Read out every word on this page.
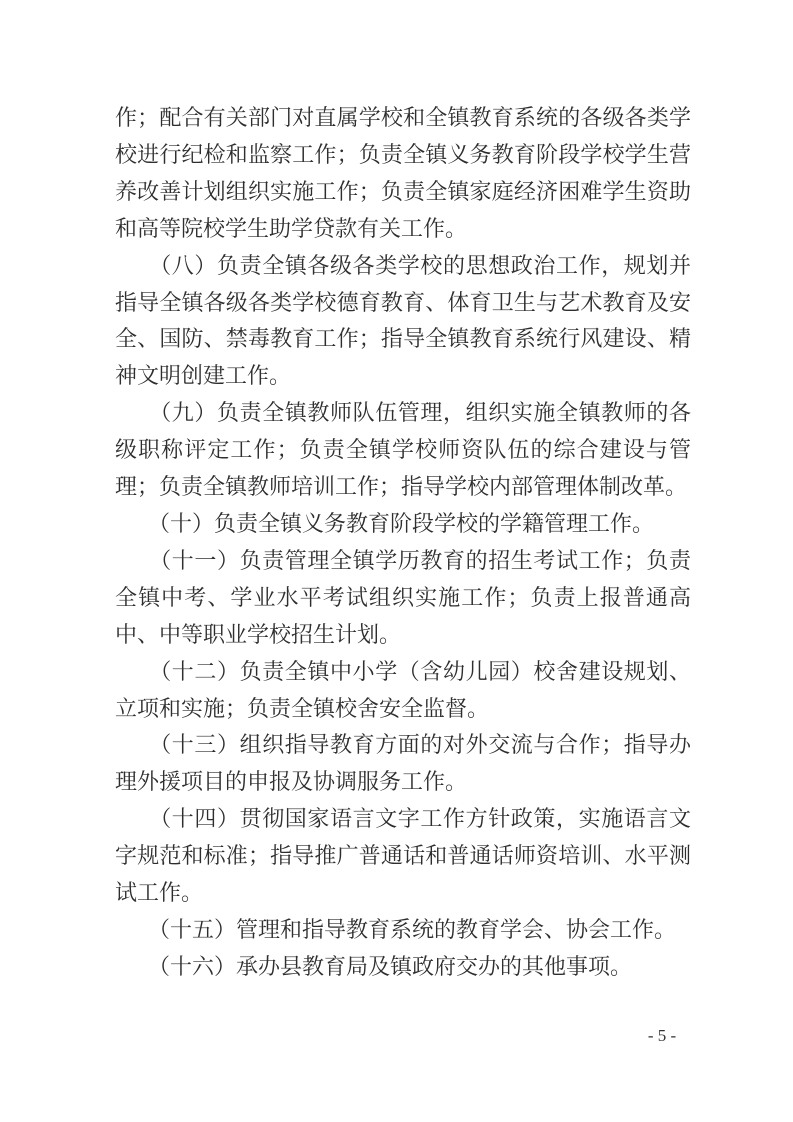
作；配合有关部门对直属学校和全镇教育系统的各级各类学校进行纪检和监察工作；负责全镇义务教育阶段学校学生营养改善计划组织实施工作；负责全镇家庭经济困难学生资助和高等院校学生助学贷款有关工作。

　　（八）负责全镇各级各类学校的思想政治工作，规划并指导全镇各级各类学校德育教育、体育卫生与艺术教育及安全、国防、禁毒教育工作；指导全镇教育系统行风建设、精神文明创建工作。

　　（九）负责全镇教师队伍管理，组织实施全镇教师的各级职称评定工作；负责全镇学校师资队伍的综合建设与管理；负责全镇教师培训工作；指导学校内部管理体制改革。

　　（十）负责全镇义务教育阶段学校的学籍管理工作。

　　（十一）负责管理全镇学历教育的招生考试工作；负责全镇中考、学业水平考试组织实施工作；负责上报普通高中、中等职业学校招生计划。

　　（十二）负责全镇中小学（含幼儿园）校舍建设规划、立项和实施；负责全镇校舍安全监督。

　　（十三）组织指导教育方面的对外交流与合作；指导办理外援项目的申报及协调服务工作。

　　（十四）贯彻国家语言文字工作方针政策，实施语言文字规范和标准；指导推广普通话和普通话师资培训、水平测试工作。

　　（十五）管理和指导教育系统的教育学会、协会工作。

　　（十六）承办县教育局及镇政府交办的其他事项。

- 5 -
